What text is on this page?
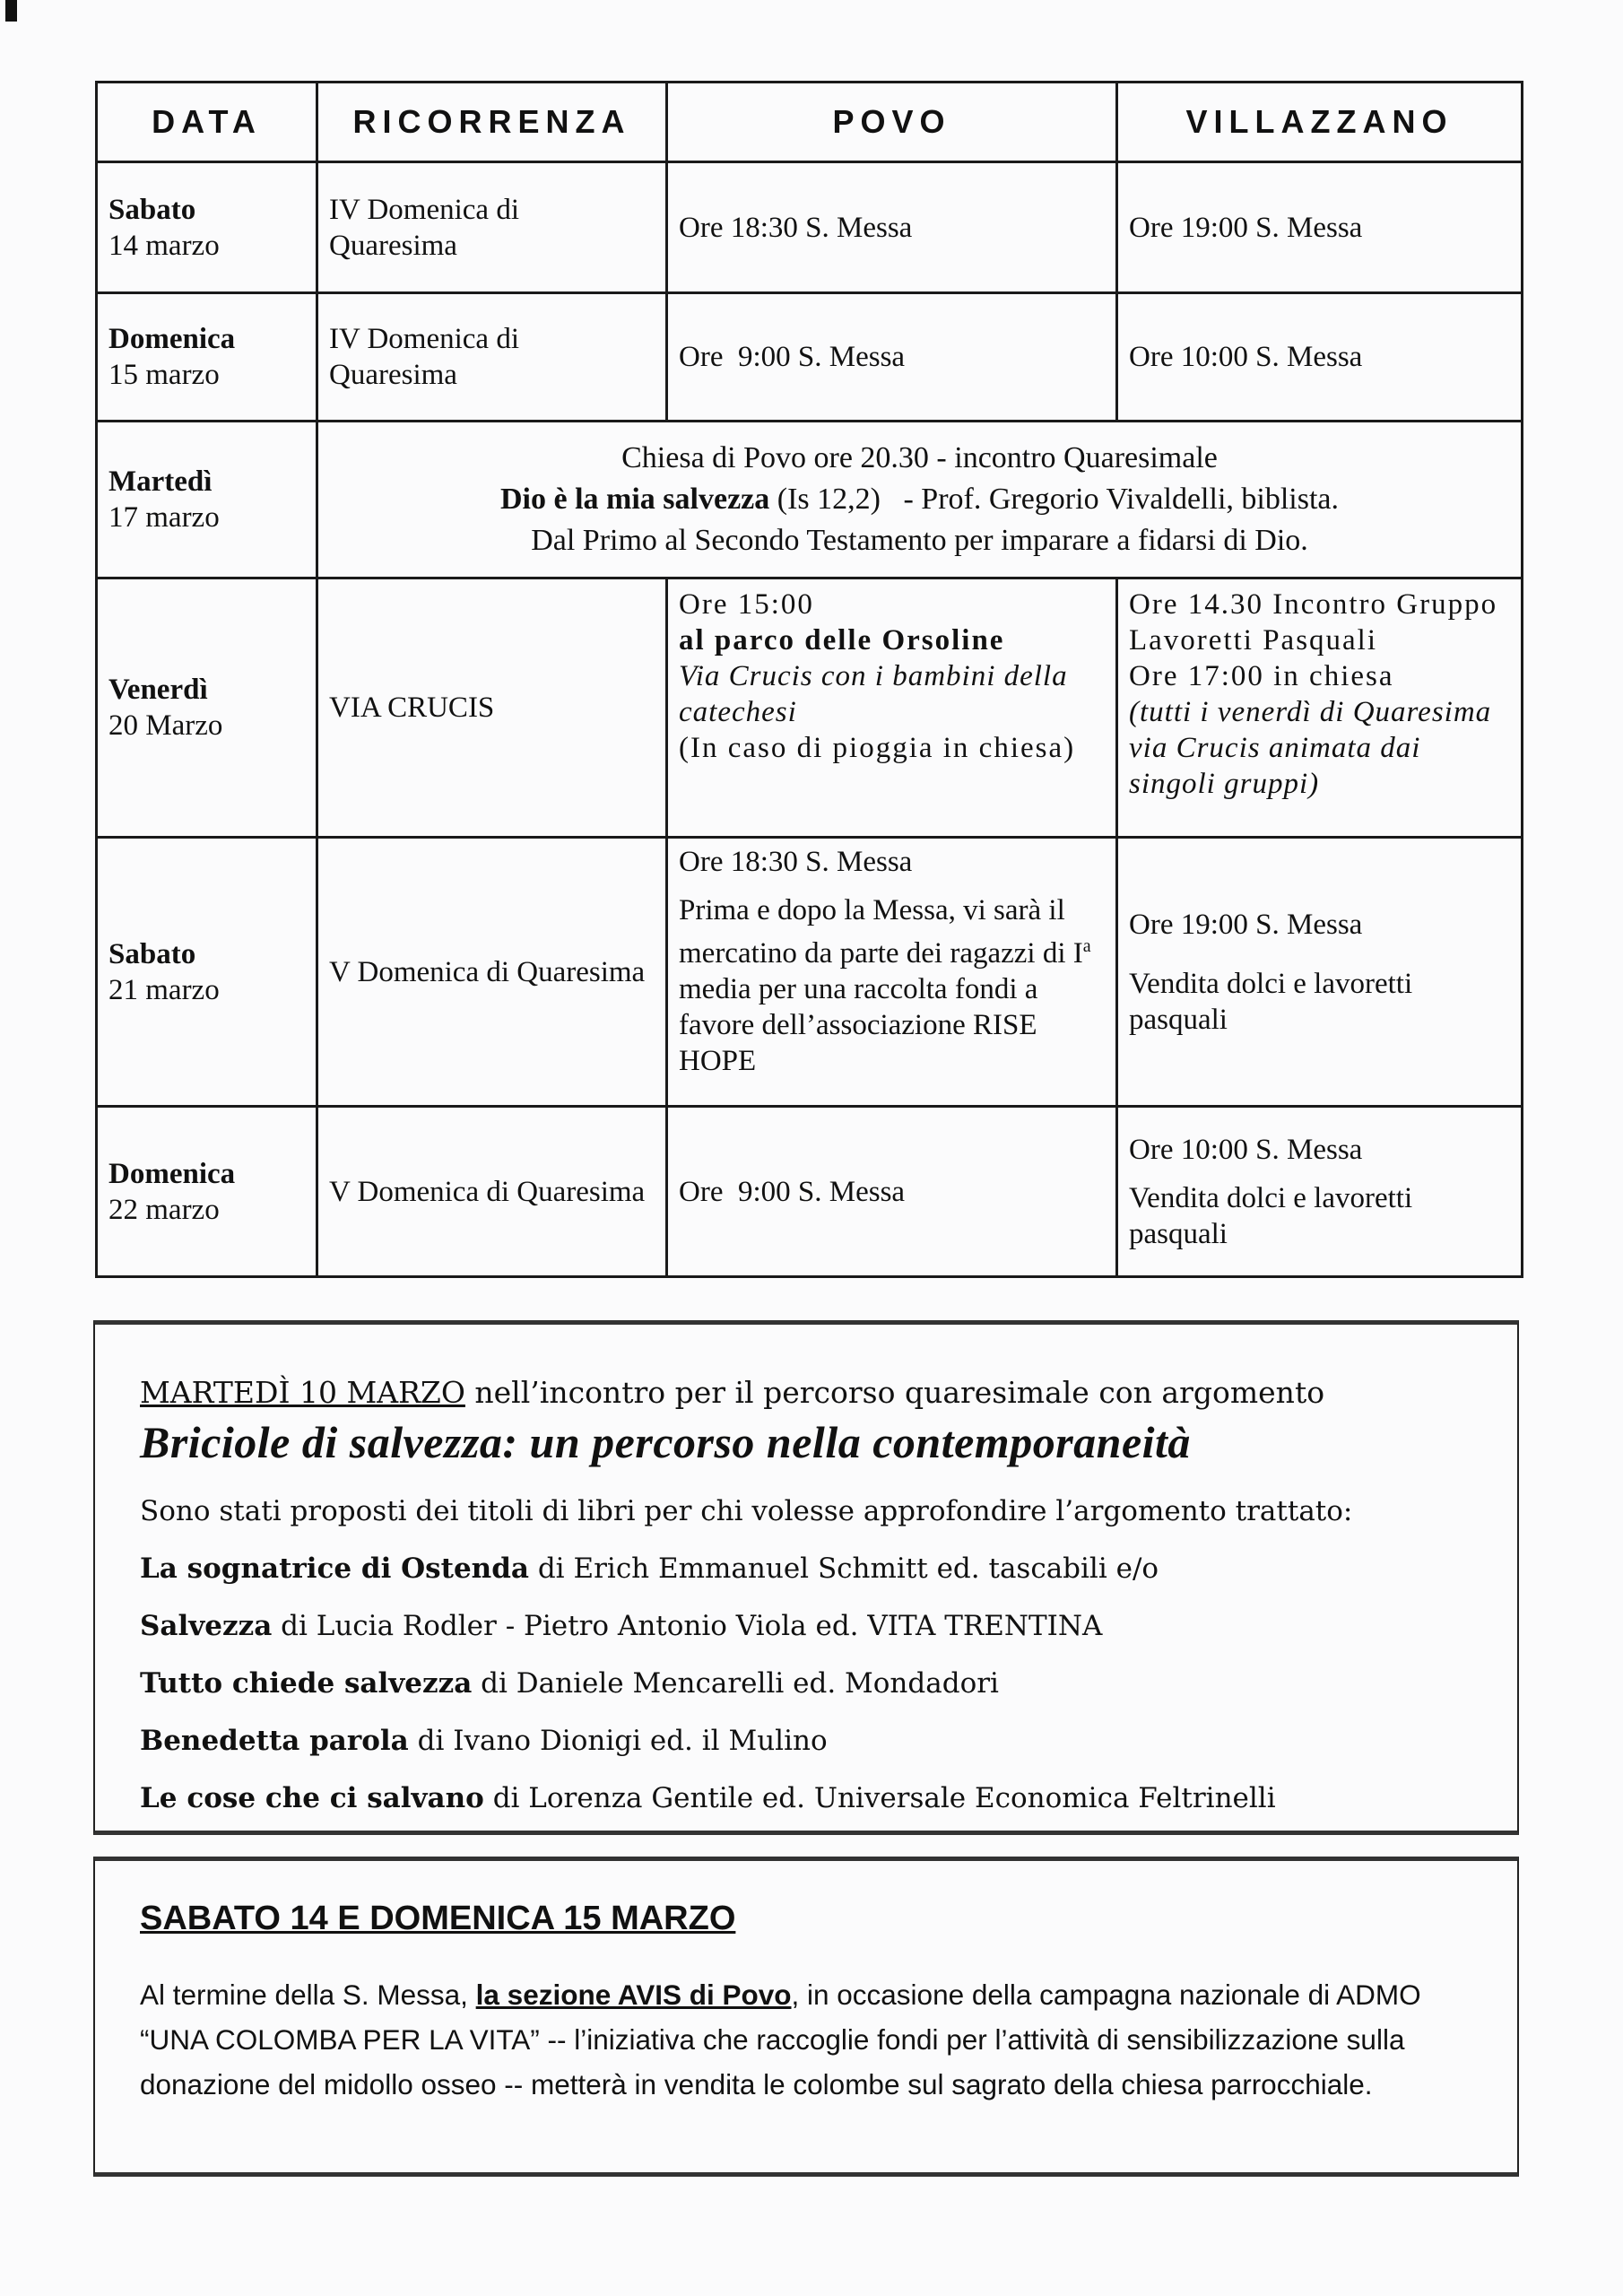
DATA	RICORRENZA	POVO	VILLAZZANO

Sabato
14 marzo	IV Domenica di Quaresima	Ore 18:30 S. Messa	Ore 19:00 S. Messa

Domenica
15 marzo	IV Domenica di Quaresima	Ore  9:00 S. Messa	Ore 10:00 S. Messa

Martedì
17 marzo	Chiesa di Povo ore 20.30 - incontro Quaresimale
Dio è la mia salvezza (Is 12,2)   - Prof. Gregorio Vivaldelli, biblista.
Dal Primo al Secondo Testamento per imparare a fidarsi di Dio.		

Venerdì
20 Marzo	VIA CRUCIS	Ore 15:00
al parco delle Orsoline
Via Crucis con i bambini della catechesi
(In caso di pioggia in chiesa)	Ore 14.30 Incontro Gruppo Lavoretti Pasquali
Ore 17:00 in chiesa
(tutti i venerdì di Quaresima via Crucis animata dai singoli gruppi)

Sabato
21 marzo	V Domenica di Quaresima	Ore 18:30 S. Messa
Prima e dopo la Messa, vi sarà il mercatino da parte dei ragazzi di $I^a$ media per una raccolta fondi a favore dell’associazione RISE HOPE	Ore 19:00 S. Messa
Vendita dolci e lavoretti pasquali

Domenica
22 marzo	V Domenica di Quaresima	Ore  9:00 S. Messa	Ore 10:00 S. Messa
Vendita dolci e lavoretti pasquali
MARTEDÌ 10 MARZO nell’incontro per il percorso quaresimale con argomento
Briciole di salvezza: un percorso nella contemporaneità
Sono stati proposti dei titoli di libri per chi volesse approfondire l’argomento trattato:
La sognatrice di Ostenda di Erich Emmanuel Schmitt ed. tascabili e/o
Salvezza di Lucia Rodler - Pietro Antonio Viola ed. VITA TRENTINA
Tutto chiede salvezza di Daniele Mencarelli ed. Mondadori
Benedetta parola di Ivano Dionigi ed. il Mulino
Le cose che ci salvano di Lorenza Gentile ed. Universale Economica Feltrinelli
SABATO 14 E DOMENICA 15 MARZO
Al termine della S. Messa, la sezione AVIS di Povo, in occasione della campagna nazionale di ADMO “UNA COLOMBA PER LA VITA” -- l’iniziativa che raccoglie fondi per l’attività di sensibilizzazione sulla donazione del midollo osseo -- metterà in vendita le colombe sul sagrato della chiesa parrocchiale.
